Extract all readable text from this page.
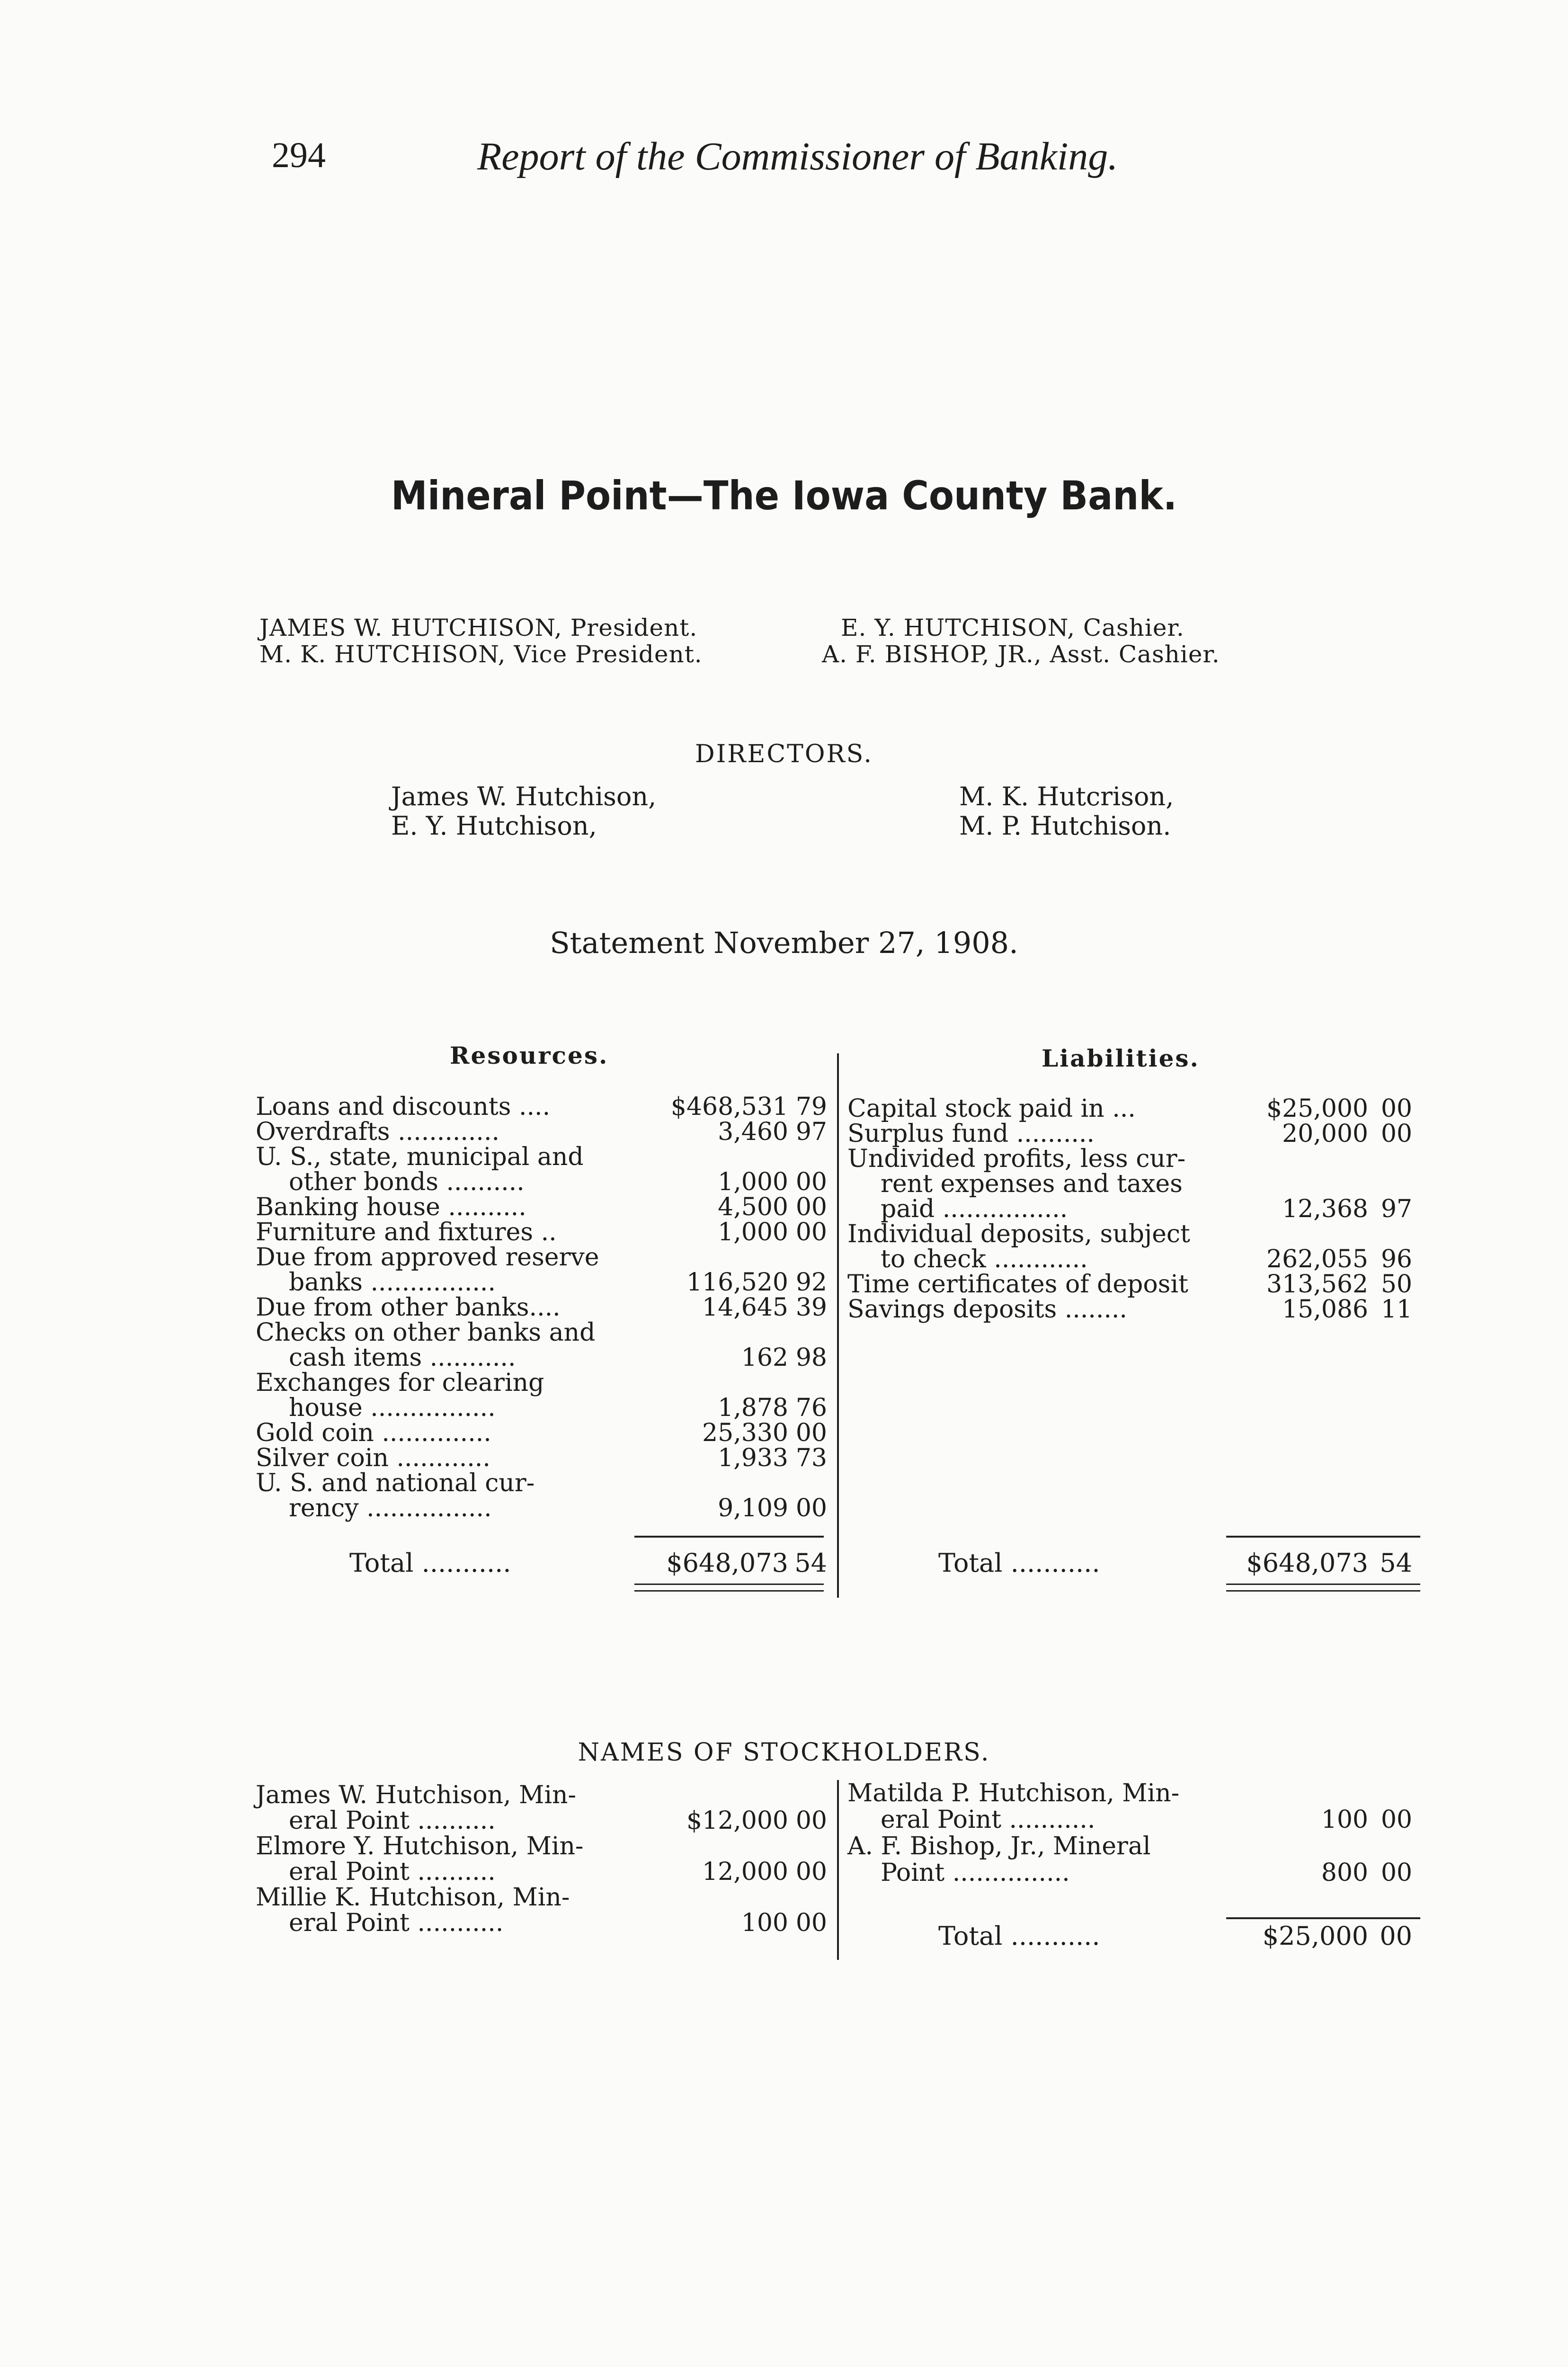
294	Report of the Commissioner of Banking.
Mineral Point—The Iowa County Bank.
JAMES W. HUTCHISON, President.
M. K. HUTCHISON, Vice President.
E. Y. HUTCHISON, Cashier.
A. F. BISHOP, JR., Asst. Cashier.
DIRECTORS.
James W. Hutchison,
E. Y. Hutchison,
M. K. Hutcrison,
M. P. Hutchison.
Statement November 27, 1908.
Resources.	Liabilities.
Loans and discounts ....	$468,531 79
Overdrafts .............	3,460 97
U. S., state, municipal and
other bonds ..........	1,000 00
Banking house ..........	4,500 00
Furniture and fixtures ..	1,000 00
Due from approved reserve
banks ................	116,520 92
Due from other banks....	14,645 39
Checks on other banks and
cash items ...........	162 98
Exchanges for clearing
house ................	1,878 76
Gold coin ..............	25,330 00
Silver coin ............	1,933 73
U. S. and national cur-
rency ................	9,109 00
Capital stock paid in ...	$25,000 00
Surplus fund ..........	20,000 00
Undivided profits, less cur-
rent expenses and taxes
paid ................	12,368 97
Individual deposits, subject
to check ............	262,055 96
Time certificates of deposit	313,562 50
Savings deposits ........	15,086 11
Total ...........	$648,073 54	Total ...........	$648,073 54
NAMES OF STOCKHOLDERS.
James W. Hutchison, Min-
eral Point ..........	$12,000 00
Elmore Y. Hutchison, Min-
eral Point ..........	12,000 00
Millie K. Hutchison, Min-
eral Point ...........	100 00
Matilda P. Hutchison, Min-
eral Point ...........	100 00
A. F. Bishop, Jr., Mineral
Point ...............	800 00
Total ...........	$25,000 00
